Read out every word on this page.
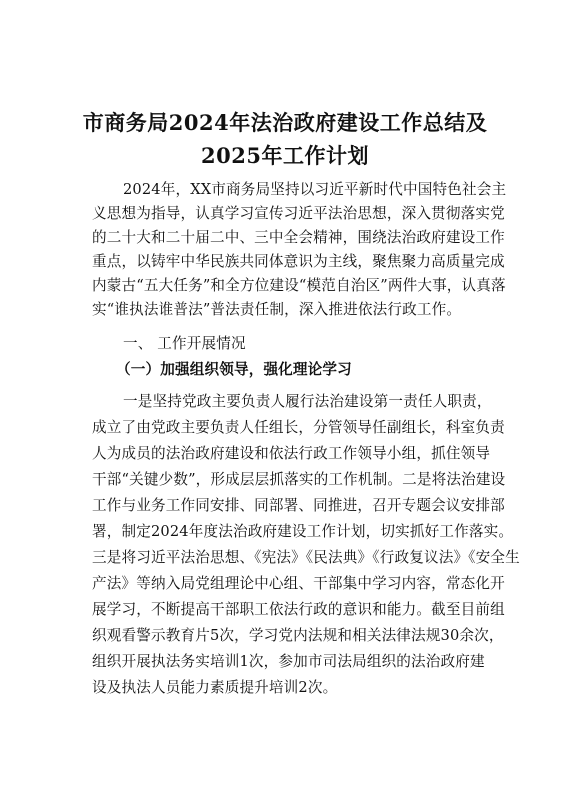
市商务局2024年法治政府建设工作总结及
2025年工作计划
2024年，XX市商务局坚持以习近平新时代中国特色社会主
义思想为指导，认真学习宣传习近平法治思想，深入贯彻落实党
的二十大和二十届二中、三中全会精神，围绕法治政府建设工作
重点，以铸牢中华民族共同体意识为主线，聚焦聚力高质量完成
内蒙古“五大任务”和全方位建设“模范自治区”两件大事，认真落
实“谁执法谁普法”普法责任制，深入推进依法行政工作。
一、 工作开展情况
（一）加强组织领导，强化理论学习
一是坚持党政主要负责人履行法治建设第一责任人职责，
成立了由党政主要负责人任组长，分管领导任副组长，科室负责
人为成员的法治政府建设和依法行政工作领导小组，抓住领导
干部“关键少数”，形成层层抓落实的工作机制。二是将法治建设
工作与业务工作同安排、同部署、同推进，召开专题会议安排部
署，制定2024年度法治政府建设工作计划，切实抓好工作落实。
三是将习近平法治思想、《宪法》《民法典》《行政复议法》《安全生
产法》等纳入局党组理论中心组、干部集中学习内容，常态化开
展学习，不断提高干部职工依法行政的意识和能力。截至目前组
织观看警示教育片5次，学习党内法规和相关法律法规30余次，
组织开展执法务实培训1次，参加市司法局组织的法治政府建
设及执法人员能力素质提升培训2次。
